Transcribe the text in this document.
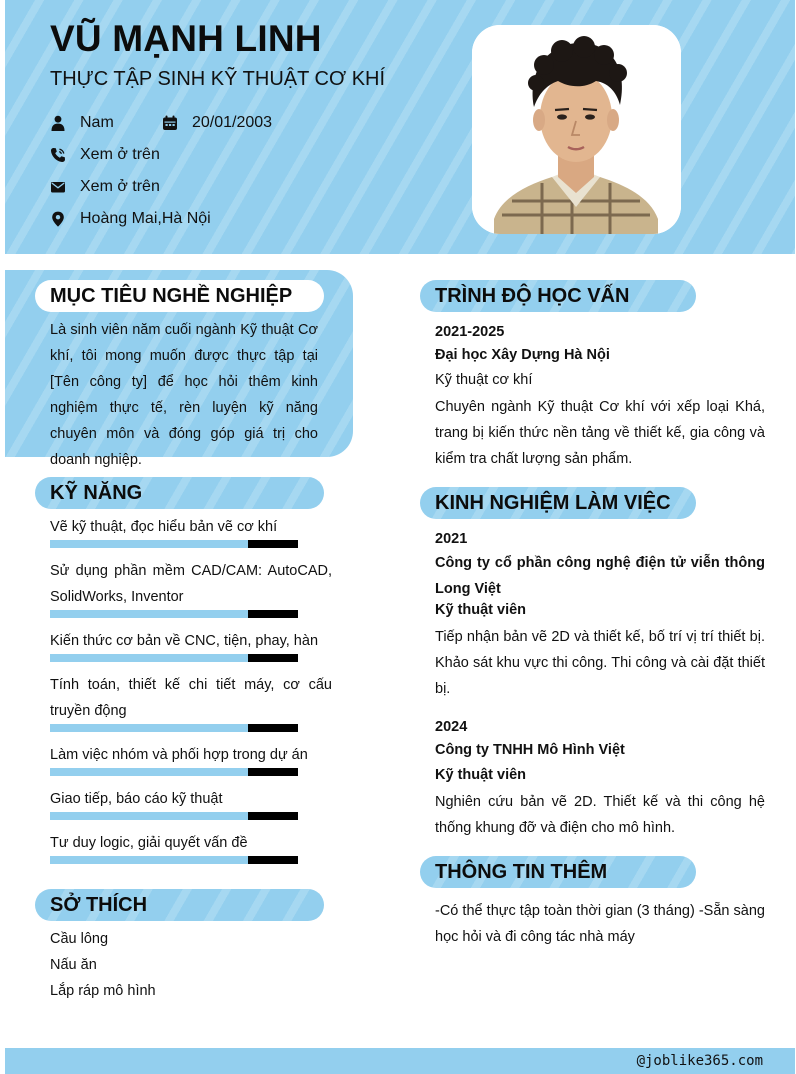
VŨ MẠNH LINH
THỰC TẬP SINH KỸ THUẬT CƠ KHÍ
Nam	20/01/2003
Xem ở trên
Xem ở trên
Hoàng Mai,Hà Nội
MỤC TIÊU NGHỀ NGHIỆP
Là sinh viên năm cuối ngành Kỹ thuật Cơ khí, tôi mong muốn được thực tập tại [Tên công ty] để học hỏi thêm kinh nghiệm thực tế, rèn luyện kỹ năng chuyên môn và đóng góp giá trị cho doanh nghiệp.
KỸ NĂNG
Vẽ kỹ thuật, đọc hiểu bản vẽ cơ khí
Sử dụng phần mềm CAD/CAM: AutoCAD, SolidWorks, Inventor
Kiến thức cơ bản về CNC, tiện, phay, hàn
Tính toán, thiết kế chi tiết máy, cơ cấu truyền động
Làm việc nhóm và phối hợp trong dự án
Giao tiếp, báo cáo kỹ thuật
Tư duy logic, giải quyết vấn đề
SỞ THÍCH
Cầu lông
Nấu ăn
Lắp ráp mô hình
TRÌNH ĐỘ HỌC VẤN
2021-2025
Đại học Xây Dựng Hà Nội
Kỹ thuật cơ khí
Chuyên ngành Kỹ thuật Cơ khí với xếp loại Khá, trang bị kiến thức nền tảng về thiết kế, gia công và kiểm tra chất lượng sản phẩm.
KINH NGHIỆM LÀM VIỆC
2021
Công ty cổ phần công nghệ điện tử viễn thông Long Việt
Kỹ thuật viên
Tiếp nhận bản vẽ 2D và thiết kế, bố trí vị trí thiết bị. Khảo sát khu vực thi công. Thi công và cài đặt thiết bị.
2024
Công ty TNHH Mô Hình Việt
Kỹ thuật viên
Nghiên cứu bản vẽ 2D. Thiết kế và thi công hệ thống khung đỡ và điện cho mô hình.
THÔNG TIN THÊM
-Có thể thực tập toàn thời gian (3 tháng) -Sẵn sàng học hỏi và đi công tác nhà máy
@joblike365.com
